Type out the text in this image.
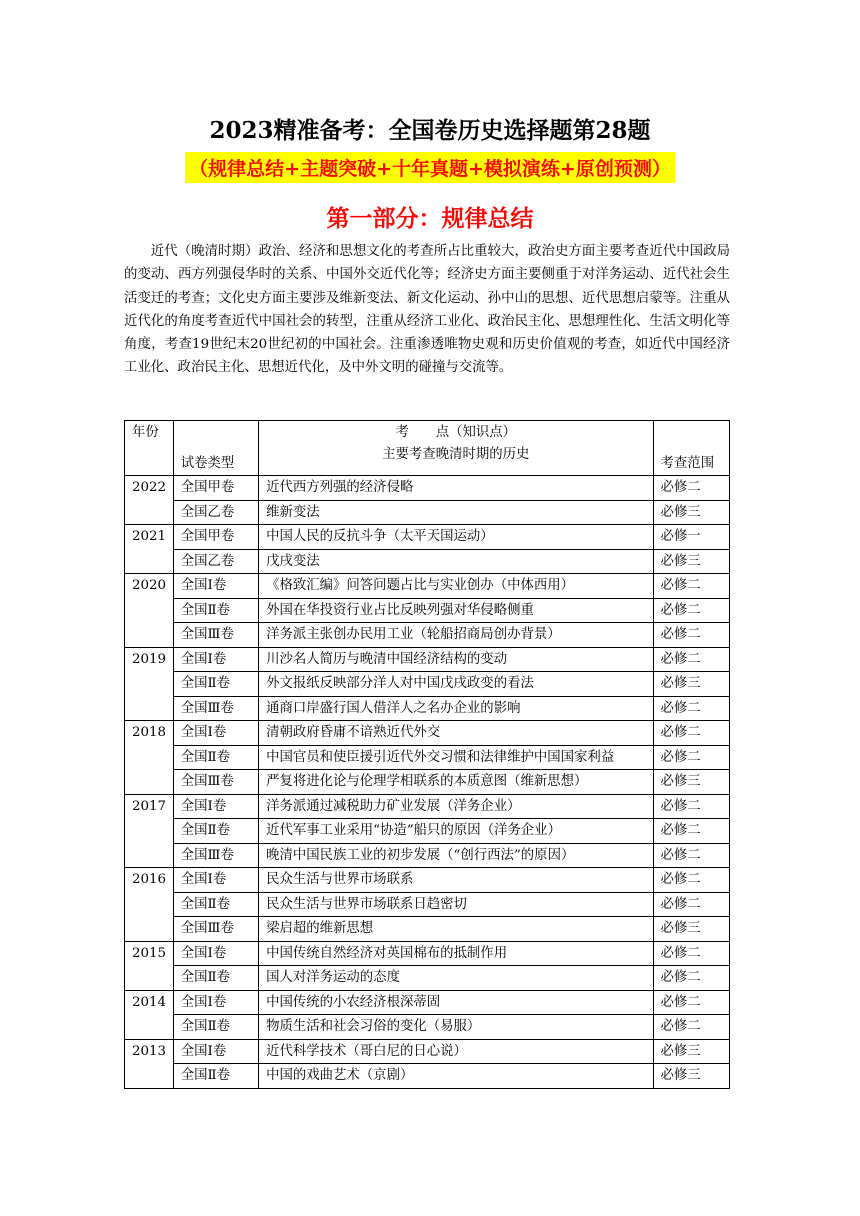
2023精准备考：全国卷历史选择题第28题
（规律总结+主题突破+十年真题+模拟演练+原创预测）
第一部分：规律总结

近代（晚清时期）政治、经济和思想文化的考查所占比重较大，政治史方面主要考查近代中国政局的变动、西方列强侵华时的关系、中国外交近代化等；经济史方面主要侧重于对洋务运动、近代社会生活变迁的考查；文化史方面主要涉及维新变法、新文化运动、孙中山的思想、近代思想启蒙等。注重从近代化的角度考查近代中国社会的转型，注重从经济工业化、政治民主化、思想理性化、生活文明化等角度，考查19世纪末20世纪初的中国社会。注重渗透唯物史观和历史价值观的考查，如近代中国经济工业化、政治民主化、思想近代化，及中外文明的碰撞与交流等。

年份	试卷类型	考　　点（知识点）
主要考查晚清时期的历史	考查范围
2022	全国甲卷	近代西方列强的经济侵略	必修二
	全国乙卷	维新变法	必修三
2021	全国甲卷	中国人民的反抗斗争（太平天国运动）	必修一
	全国乙卷	戊戌变法	必修三
2020	全国Ⅰ卷	《格致汇编》问答问题占比与实业创办（中体西用）	必修二
	全国Ⅱ卷	外国在华投资行业占比反映列强对华侵略侧重	必修二
	全国Ⅲ卷	洋务派主张创办民用工业（轮船招商局创办背景）	必修二
2019	全国Ⅰ卷	川沙名人简历与晚清中国经济结构的变动	必修二
	全国Ⅱ卷	外文报纸反映部分洋人对中国戊戌政变的看法	必修三
	全国Ⅲ卷	通商口岸盛行国人借洋人之名办企业的影响	必修二
2018	全国Ⅰ卷	清朝政府昏庸不谙熟近代外交	必修二
	全国Ⅱ卷	中国官员和使臣援引近代外交习惯和法律维护中国国家利益	必修二
	全国Ⅲ卷	严复将进化论与伦理学相联系的本质意图（维新思想）	必修三
2017	全国Ⅰ卷	洋务派通过减税助力矿业发展（洋务企业）	必修二
	全国Ⅱ卷	近代军事工业采用“协造”船只的原因（洋务企业）	必修二
	全国Ⅲ卷	晚清中国民族工业的初步发展（“创行西法”的原因）	必修二
2016	全国Ⅰ卷	民众生活与世界市场联系	必修二
	全国Ⅱ卷	民众生活与世界市场联系日趋密切	必修二
	全国Ⅲ卷	梁启超的维新思想	必修三
2015	全国Ⅰ卷	中国传统自然经济对英国棉布的抵制作用	必修二
	全国Ⅱ卷	国人对洋务运动的态度	必修二
2014	全国Ⅰ卷	中国传统的小农经济根深蒂固	必修二
	全国Ⅱ卷	物质生活和社会习俗的变化（易服）	必修二
2013	全国Ⅰ卷	近代科学技术（哥白尼的日心说）	必修三
	全国Ⅱ卷	中国的戏曲艺术（京剧）	必修三
